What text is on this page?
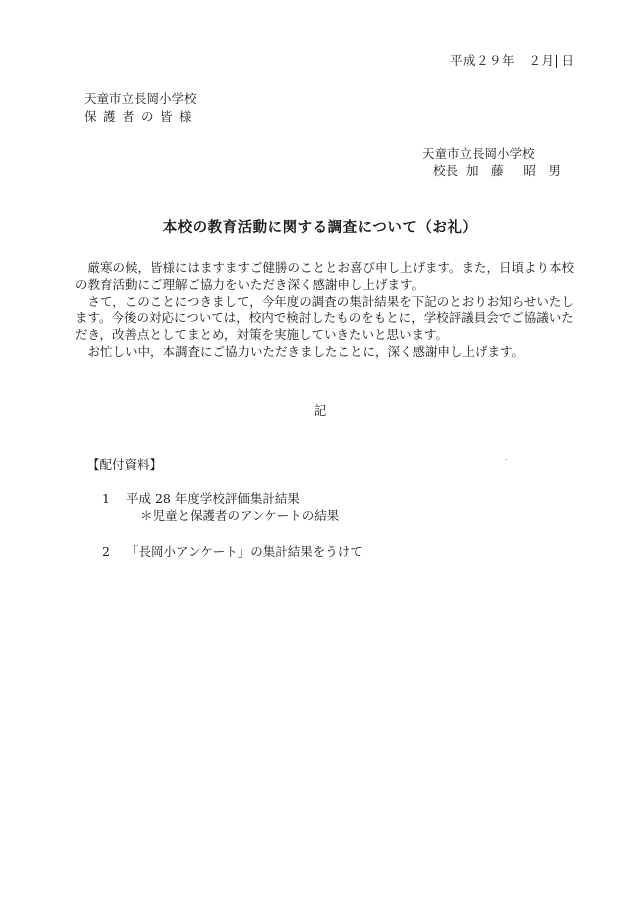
平成２９年 ２月 日
天童市立長岡小学校
保護者の皆様
天童市立長岡小学校
校長 加　藤 昭　男
本校の教育活動に関する調査について（お礼）

厳寒の候，皆様にはますますご健勝のこととお喜び申し上げます。また，日頃より本校の教育活動にご理解ご協力をいただき深く感謝申し上げます。

さて，このことにつきまして，今年度の調査の集計結果を下記のとおりお知らせいたします。今後の対応については，校内で検討したものをもとに，学校評議員会でご協議いただき，改善点としてまとめ，対策を実施していきたいと思います。

お忙しい中，本調査にご協力いただきましたことに，深く感謝申し上げます。

記
【配付資料】
1 平成 28 年度学校評価集計結果
＊児童と保護者のアンケートの結果
2 「長岡小アンケート」の集計結果をうけて
